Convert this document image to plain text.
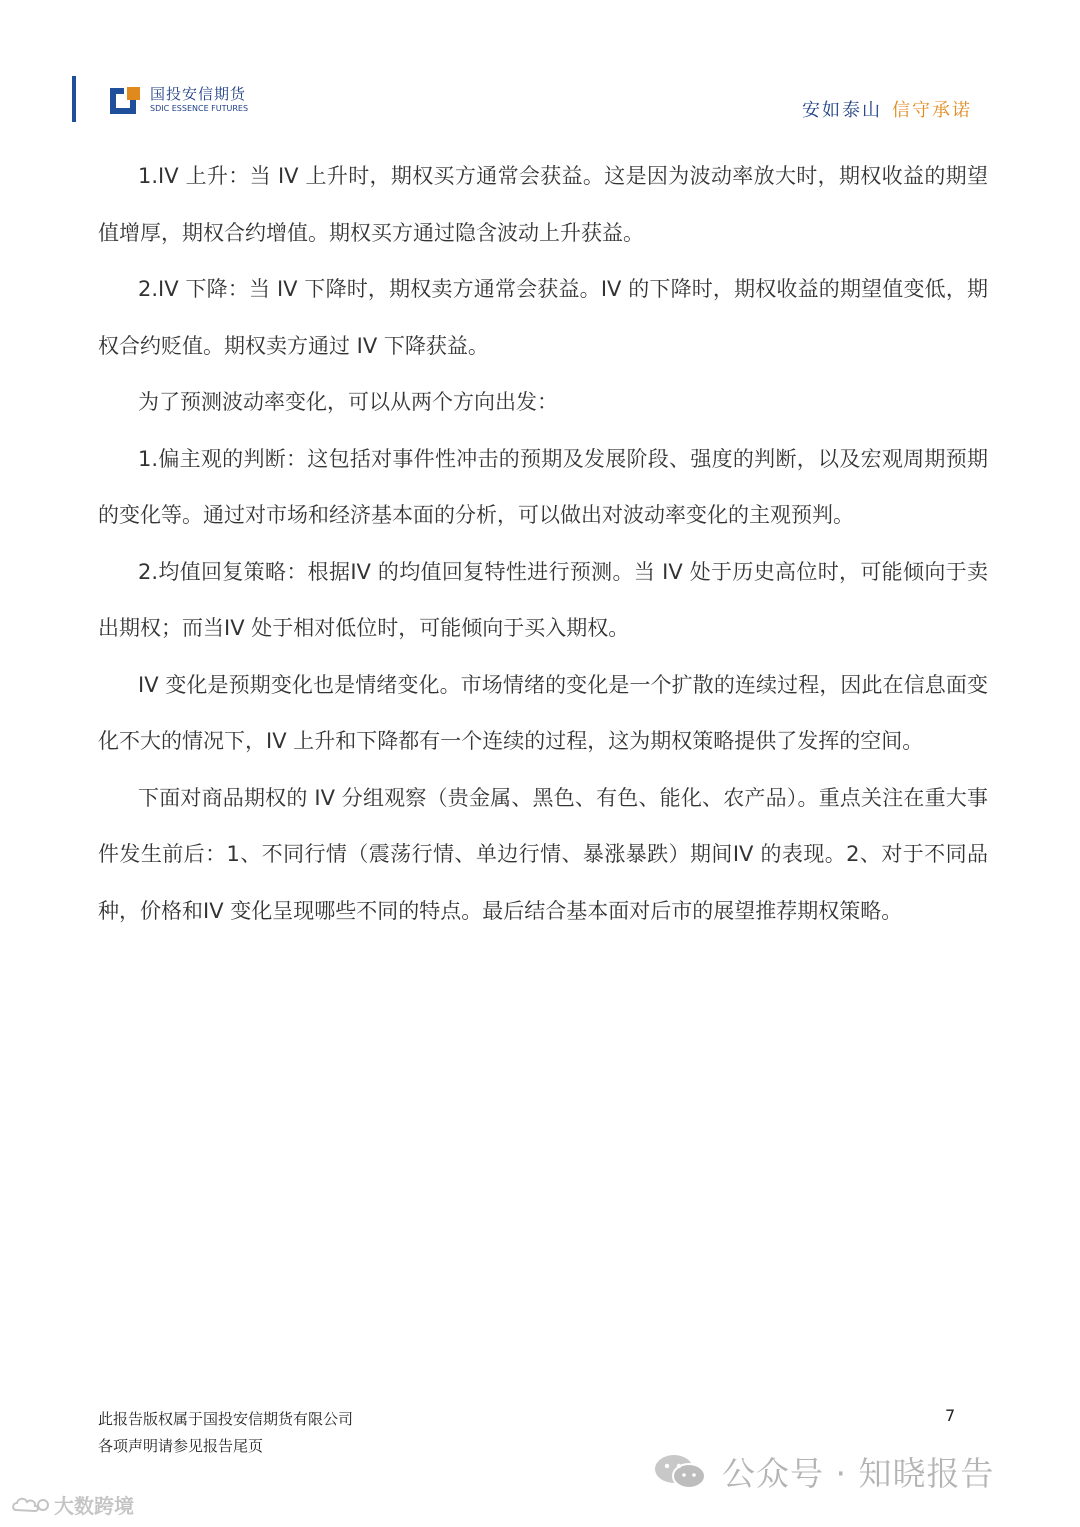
国投安信期货
SDIC ESSENCE FUTURES	安如泰山 信守承诺

1.IV 上升：当 IV 上升时，期权买方通常会获益。这是因为波动率放大时，期权收益的期望值增厚，期权合约增值。期权买方通过隐含波动上升获益。

2.IV 下降：当 IV 下降时，期权卖方通常会获益。IV 的下降时，期权收益的期望值变低，期权合约贬值。期权卖方通过 IV 下降获益。

为了预测波动率变化，可以从两个方向出发：

1.偏主观的判断：这包括对事件性冲击的预期及发展阶段、强度的判断，以及宏观周期预期的变化等。通过对市场和经济基本面的分析，可以做出对波动率变化的主观预判。

2.均值回复策略：根据IV 的均值回复特性进行预测。当 IV 处于历史高位时，可能倾向于卖出期权；而当IV 处于相对低位时，可能倾向于买入期权。

IV 变化是预期变化也是情绪变化。市场情绪的变化是一个扩散的连续过程，因此在信息面变化不大的情况下，IV 上升和下降都有一个连续的过程，这为期权策略提供了发挥的空间。

下面对商品期权的 IV 分组观察（贵金属、黑色、有色、能化、农产品）。重点关注在重大事件发生前后：1、不同行情（震荡行情、单边行情、暴涨暴跌）期间IV 的表现。2、对于不同品种，价格和IV 变化呈现哪些不同的特点。最后结合基本面对后市的展望推荐期权策略。

此报告版权属于国投安信期货有限公司
各项声明请参见报告尾页
7
公众号 · 知晓报告
大数跨境
